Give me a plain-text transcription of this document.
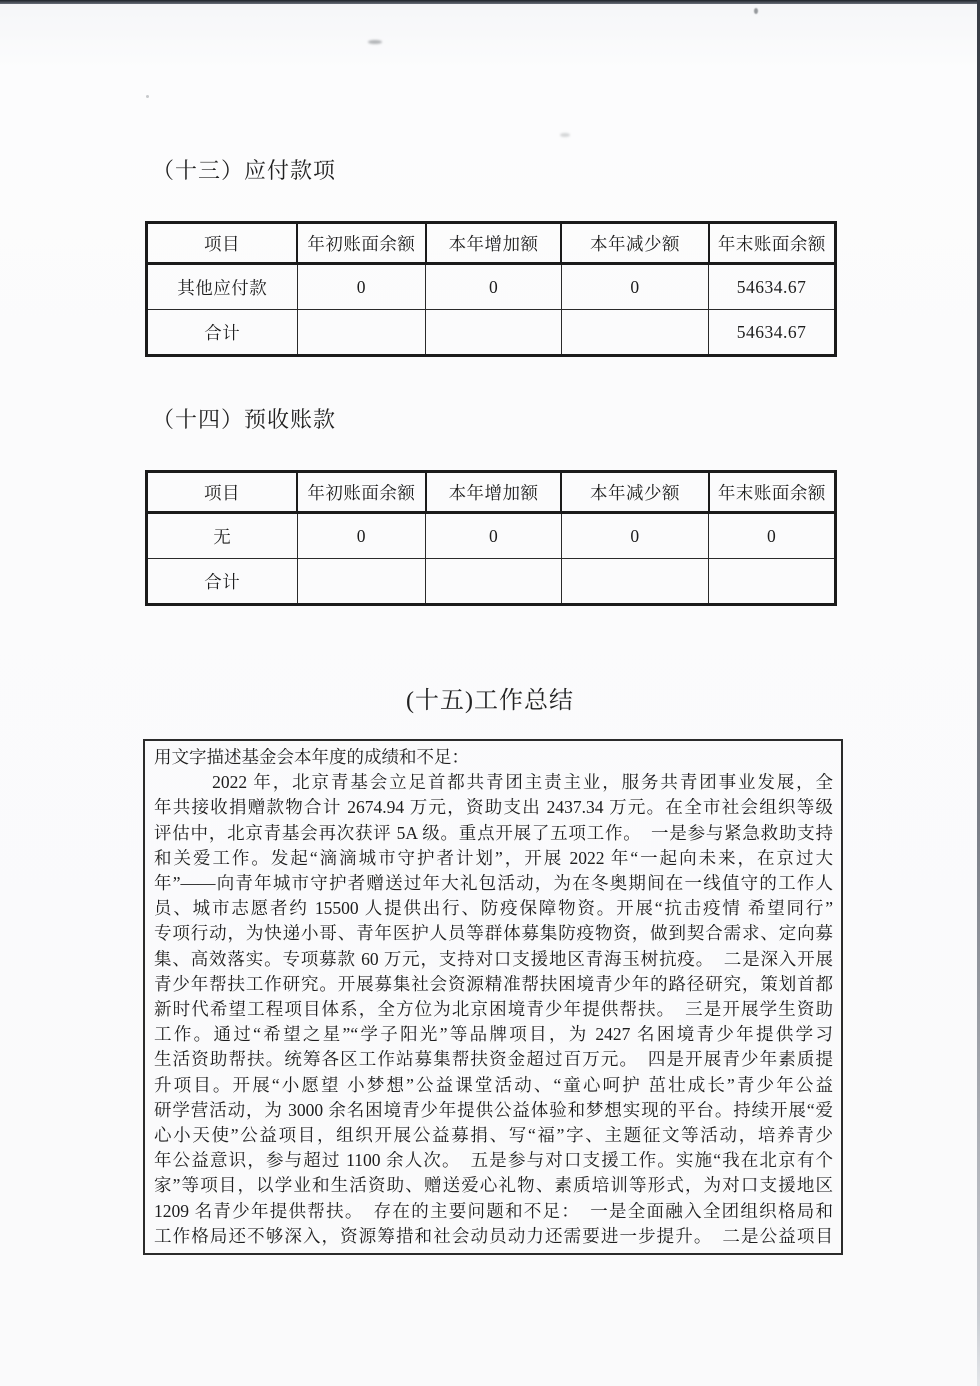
（十三）应付款项
项目	年初账面余额	本年增加额	本年减少额	年末账面余额
其他应付款	0	0	0	54634.67
合计				54634.67
（十四）预收账款
项目	年初账面余额	本年增加额	本年减少额	年末账面余额
无	0	0	0	0
合计				
(十五)工作总结
用文字描述基金会本年度的成绩和不足：
　　　2022 年，北京青基会立足首都共青团主责主业，服务共青团事业发展，全
年共接收捐赠款物合计 2674.94 万元，资助支出 2437.34 万元。在全市社会组织等级
评估中，北京青基会再次获评 5A 级。重点开展了五项工作。　一是参与紧急救助支持
和关爱工作。发起“滴滴城市守护者计划”，开展 2022 年“一起向未来，在京过大
年”——向青年城市守护者赠送过年大礼包活动，为在冬奥期间在一线值守的工作人
员、城市志愿者约 15500 人提供出行、防疫保障物资。开展“抗击疫情 希望同行”
专项行动，为快递小哥、青年医护人员等群体募集防疫物资，做到契合需求、定向募
集、高效落实。专项募款 60 万元，支持对口支援地区青海玉树抗疫。　二是深入开展
青少年帮扶工作研究。开展募集社会资源精准帮扶困境青少年的路径研究，策划首都
新时代希望工程项目体系，全方位为北京困境青少年提供帮扶。　三是开展学生资助
工作。通过“希望之星”“学子阳光”等品牌项目，为 2427 名困境青少年提供学习
生活资助帮扶。统筹各区工作站募集帮扶资金超过百万元。　四是开展青少年素质提
升项目。开展“小愿望 小梦想”公益课堂活动、“童心呵护 茁壮成长”青少年公益
研学营活动，为 3000 余名困境青少年提供公益体验和梦想实现的平台。持续开展“爱
心小天使”公益项目，组织开展公益募捐、写“福”字、主题征文等活动，培养青少
年公益意识，参与超过 1100 余人次。　五是参与对口支援工作。实施“我在北京有个
家”等项目，以学业和生活资助、赠送爱心礼物、素质培训等形式，为对口支援地区
1209 名青少年提供帮扶。　存在的主要问题和不足：　一是全面融入全团组织格局和
工作格局还不够深入，资源筹措和社会动员动力还需要进一步提升。　二是公益项目
